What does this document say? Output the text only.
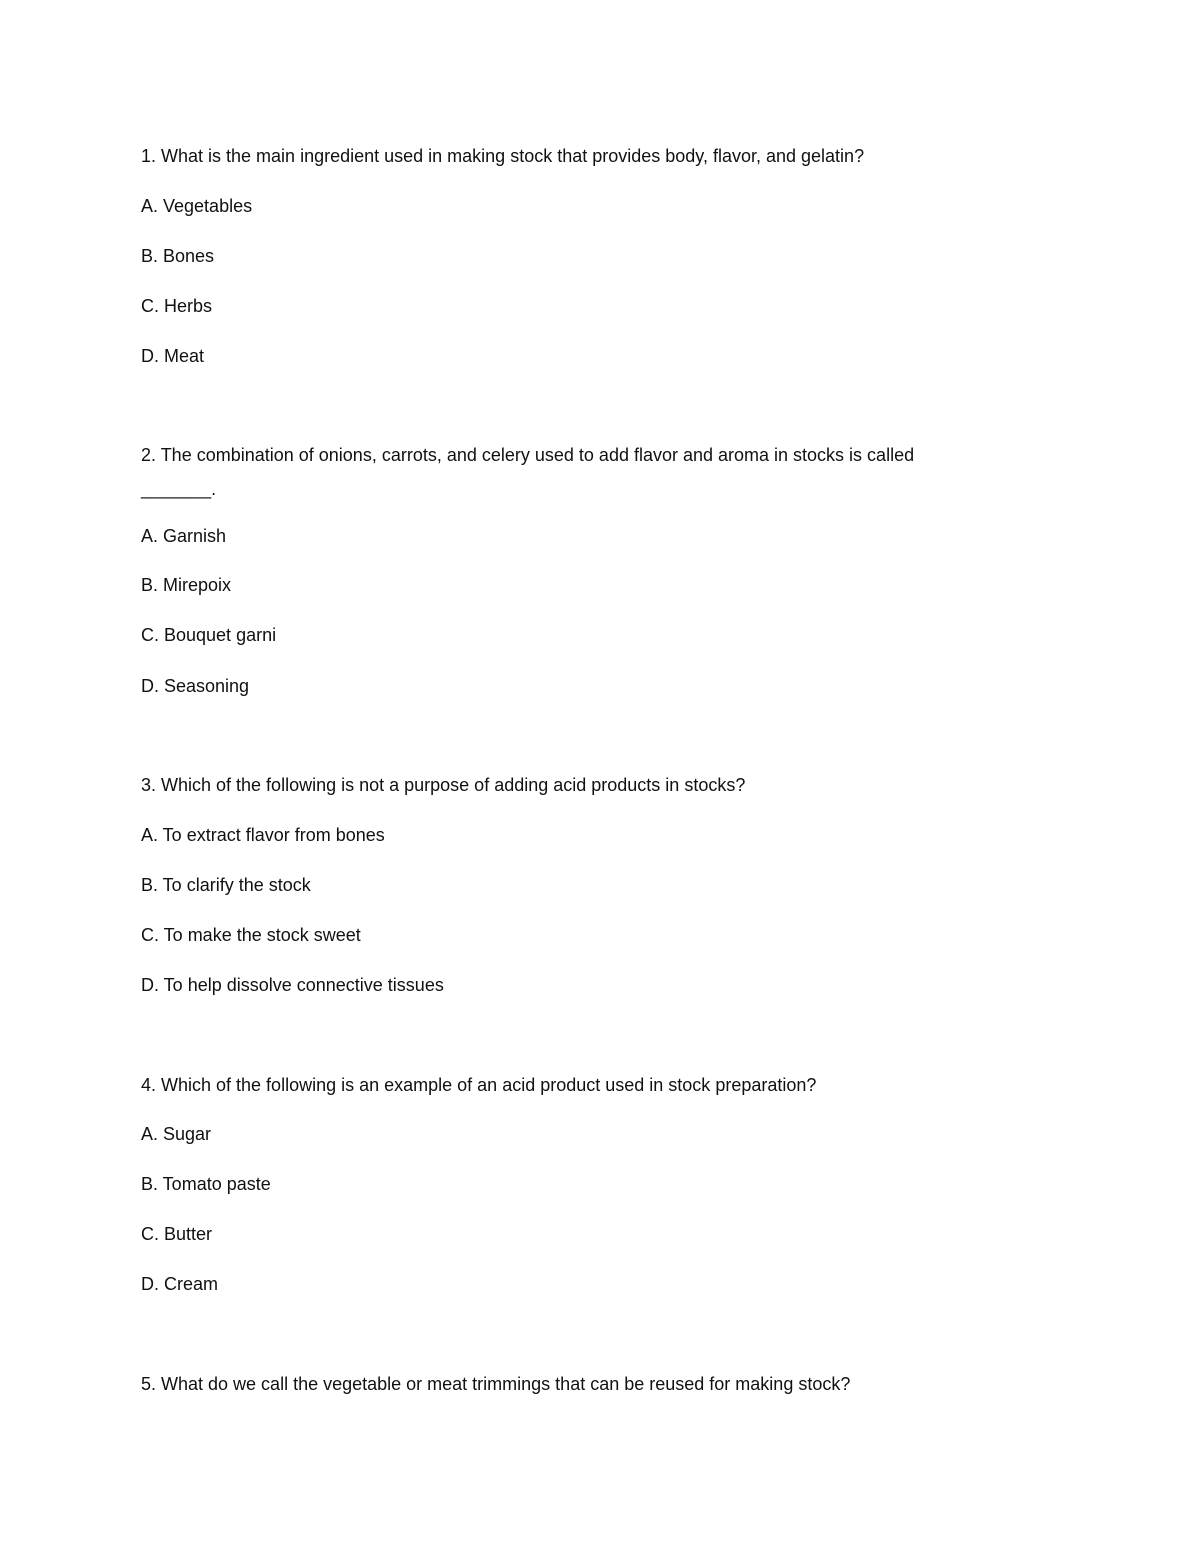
1. What is the main ingredient used in making stock that provides body, flavor, and gelatin?
A. Vegetables
B. Bones
C. Herbs
D. Meat
2. The combination of onions, carrots, and celery used to add flavor and aroma in stocks is called
_______.
A. Garnish
B. Mirepoix
C. Bouquet garni
D. Seasoning
3. Which of the following is not a purpose of adding acid products in stocks?
A. To extract flavor from bones
B. To clarify the stock
C. To make the stock sweet
D. To help dissolve connective tissues
4. Which of the following is an example of an acid product used in stock preparation?
A. Sugar
B. Tomato paste
C. Butter
D. Cream
5. What do we call the vegetable or meat trimmings that can be reused for making stock?
